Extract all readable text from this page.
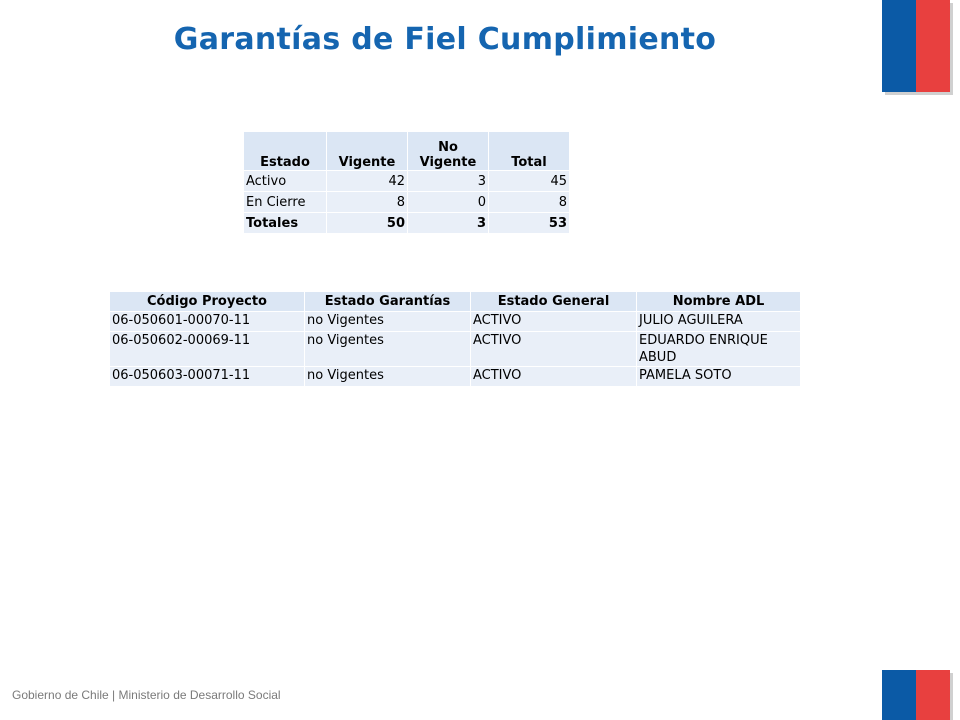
Garantías de Fiel Cumplimiento
Estado	Vigente	No Vigente	Total
Activo	42	3	45
En Cierre	8	0	8
Totales	50	3	53
Código Proyecto	Estado Garantías	Estado General	Nombre ADL
06-050601-00070-11	no Vigentes	ACTIVO	JULIO AGUILERA
06-050602-00069-11	no Vigentes	ACTIVO	EDUARDO ENRIQUE ABUD
06-050603-00071-11	no Vigentes	ACTIVO	PAMELA SOTO
Gobierno de Chile | Ministerio de Desarrollo Social
